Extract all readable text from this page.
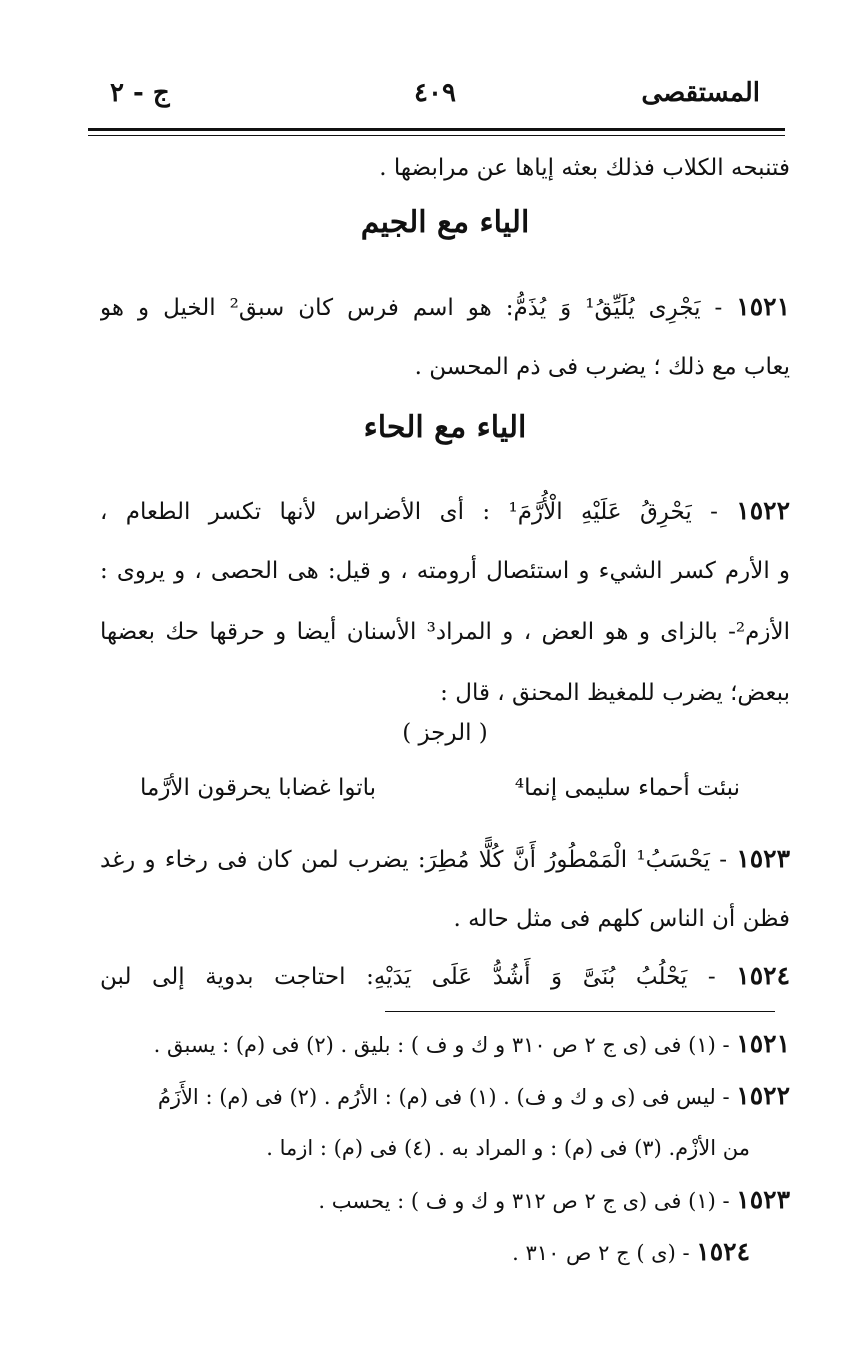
المستقصى
٤٠٩
ج - ٢
فتنبحه الكلاب فذلك بعثه إياها عن مرابضها .
الياء مع الجيم
١٥٢١ - يَجْرِى يُلَيِّقُ¹ وَ يُذَمُّ: هو اسم فرس كان سبق² الخيل و هو
يعاب مع ذلك ؛ يضرب فى ذم المحسن .
الياء مع الحاء
١٥٢٢ - يَحْرِقُ عَلَيْهِ الْأُرَّمَ¹ : أى الأضراس لأنها تكسر الطعام ،
و الأرم كسر الشيء و استئصال أرومته ، و قيل: هى الحصى ، و يروى :
الأزم²- بالزاى و هو العض ، و المراد³ الأسنان أيضا و حرقها حك بعضها
ببعض؛ يضرب للمغيظ المحنق ، قال :
( الرجز )
نبئت أحماء سليمى إنما⁴
باتوا غضابا يحرقون الأرَّما
١٥٢٣ - يَحْسَبُ¹ الْمَمْطُورُ أَنَّ كُلًّا مُطِرَ: يضرب لمن كان فى رخاء و رغد
فظن أن الناس كلهم فى مثل حاله .
١٥٢٤ - يَحْلُبُ بُنَىَّ وَ أَشُدُّ عَلَى يَدَيْهِ: احتاجت بدوية إلى لبن
١٥٢١ - (١) فى (ى ج ٢ ص ٣١٠ و ك و ف ) : بليق . (٢) فى (م) : يسبق .
١٥٢٢ - ليس فى (ى و ك و ف) . (١) فى (م) : الأرُم . (٢) فى (م) : الأَزَمُ
من الأزْم. (٣) فى (م) : و المراد به . (٤) فى (م) : ازما .
١٥٢٣ - (١) فى (ى ج ٢ ص ٣١٢ و ك و ف ) : يحسب .
١٥٢٤ - (ى ) ج ٢ ص ٣١٠ .
